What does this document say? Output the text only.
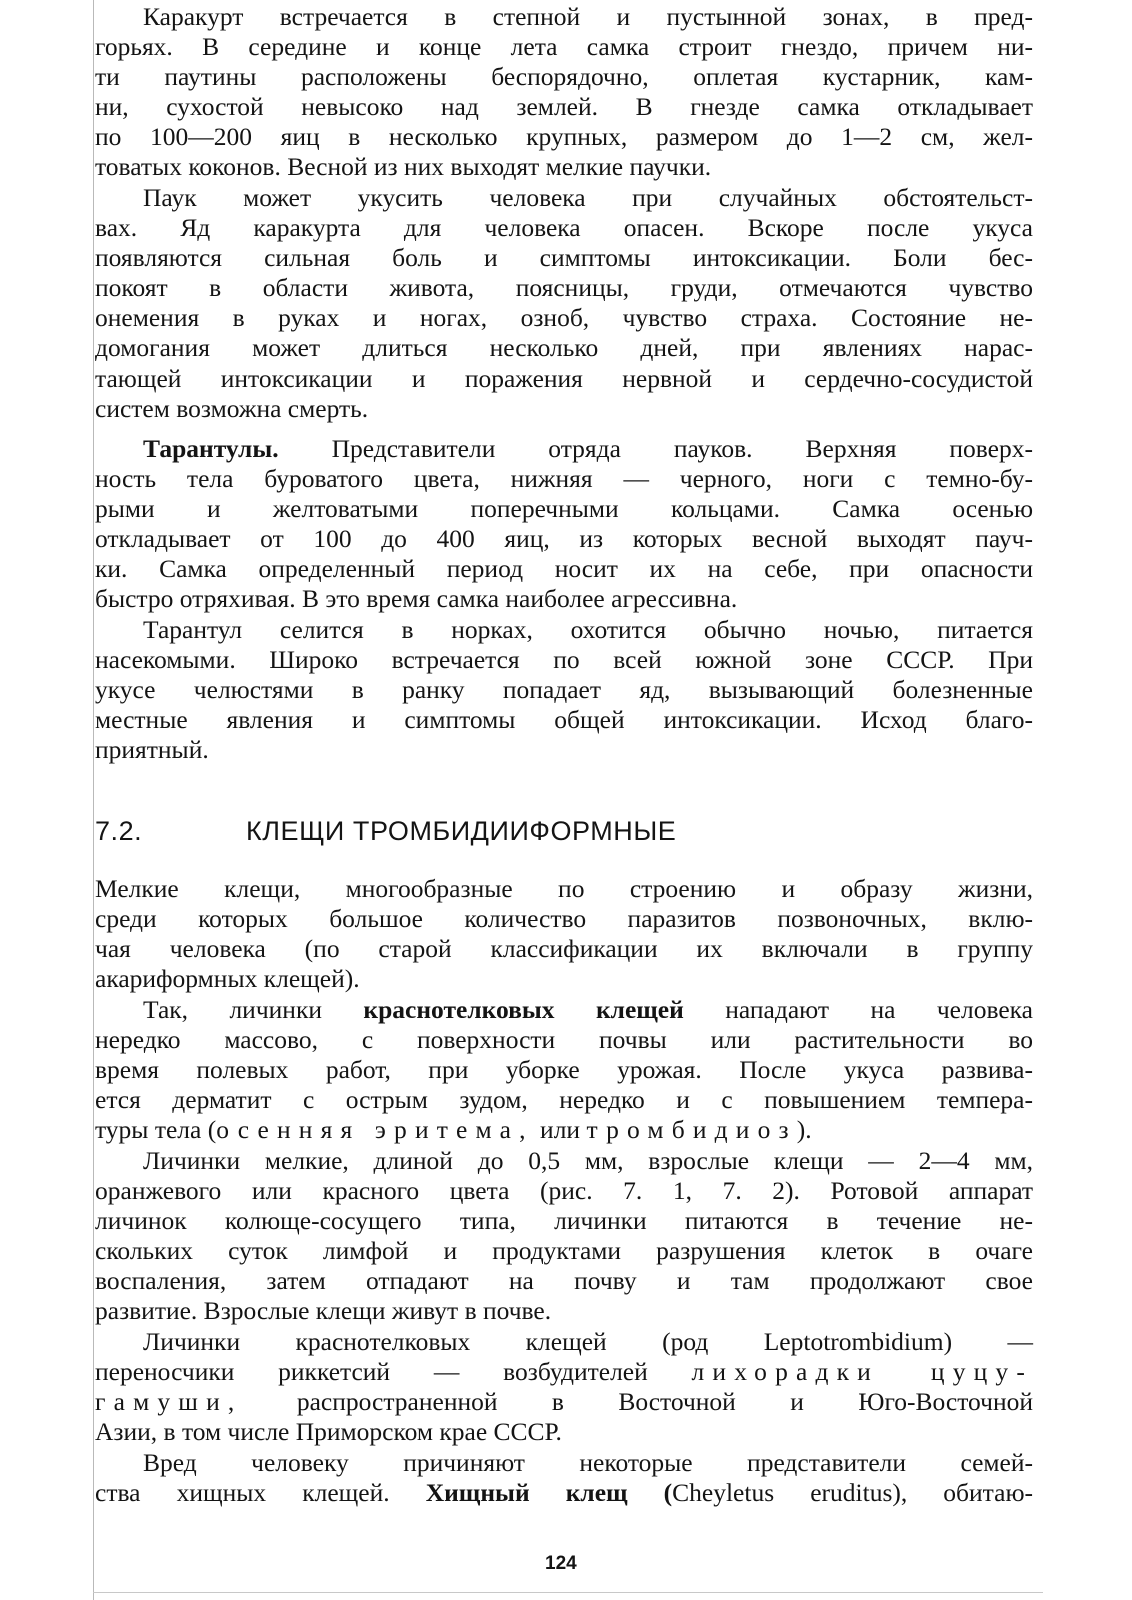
Каракурт встречается в степной и пустынной зонах, в пред-
горьях. В середине и конце лета самка строит гнездо, причем ни-
ти паутины расположены беспорядочно, оплетая кустарник, кам-
ни, сухостой невысоко над землей. В гнезде самка откладывает
по 100—200 яиц в несколько крупных, размером до 1—2 см, жел-
товатых коконов. Весной из них выходят мелкие паучки.
Паук может укусить человека при случайных обстоятельст-
вах. Яд каракурта для человека опасен. Вскоре после укуса
появляются сильная боль и симптомы интоксикации. Боли бес-
покоят в области живота, поясницы, груди, отмечаются чувство
онемения в руках и ногах, озноб, чувство страха. Состояние не-
домогания может длиться несколько дней, при явлениях нарас-
тающей интоксикации и поражения нервной и сердечно-сосудистой
систем возможна смерть.
Тарантулы. Представители отряда пауков. Верхняя поверх-
ность тела буроватого цвета, нижняя — черного, ноги с темно-бу-
рыми и желтоватыми поперечными кольцами. Самка осенью
откладывает от 100 до 400 яиц, из которых весной выходят пауч-
ки. Самка определенный период носит их на себе, при опасности
быстро отряхивая. В это время самка наиболее агрессивна.
Тарантул селится в норках, охотится обычно ночью, питается
насекомыми. Широко встречается по всей южной зоне СССР. При
укусе челюстями в ранку попадает яд, вызывающий болезненные
местные явления и симптомы общей интоксикации. Исход благо-
приятный.
Мелкие клещи, многообразные по строению и образу жизни,
среди которых большое количество паразитов позвоночных, вклю-
чая человека (по старой классификации их включали в группу
акариформных клещей).
Так, личинки краснотелковых клещей нападают на человека
нередко массово, с поверхности почвы или растительности во
время полевых работ, при уборке урожая. После укуса развива-
ется дерматит с острым зудом, нередко и с повышением темпера-
туры тела (осенняя эритема, или тромбидиоз).
Личинки мелкие, длиной до 0,5 мм, взрослые клещи — 2—4 мм,
оранжевого или красного цвета (рис. 7. 1, 7. 2). Ротовой аппарат
личинок колюще-сосущего типа, личинки питаются в течение не-
скольких суток лимфой и продуктами разрушения клеток в очаге
воспаления, затем отпадают на почву и там продолжают свое
развитие. Взрослые клещи живут в почве.
Личинки краснотелковых клещей (род Leptotrombidium) —
переносчики риккетсий — возбудителей лихорадки цуцу-
гамуши, распространенной в Восточной и Юго-Восточной
Азии, в том числе Приморском крае СССР.
Вред человеку причиняют некоторые представители семей-
ства хищных клещей. Хищный клещ (Cheyletus eruditus), обитаю-
7.2.	КЛЕЩИ ТРОМБИДИИФОРМНЫЕ
124
